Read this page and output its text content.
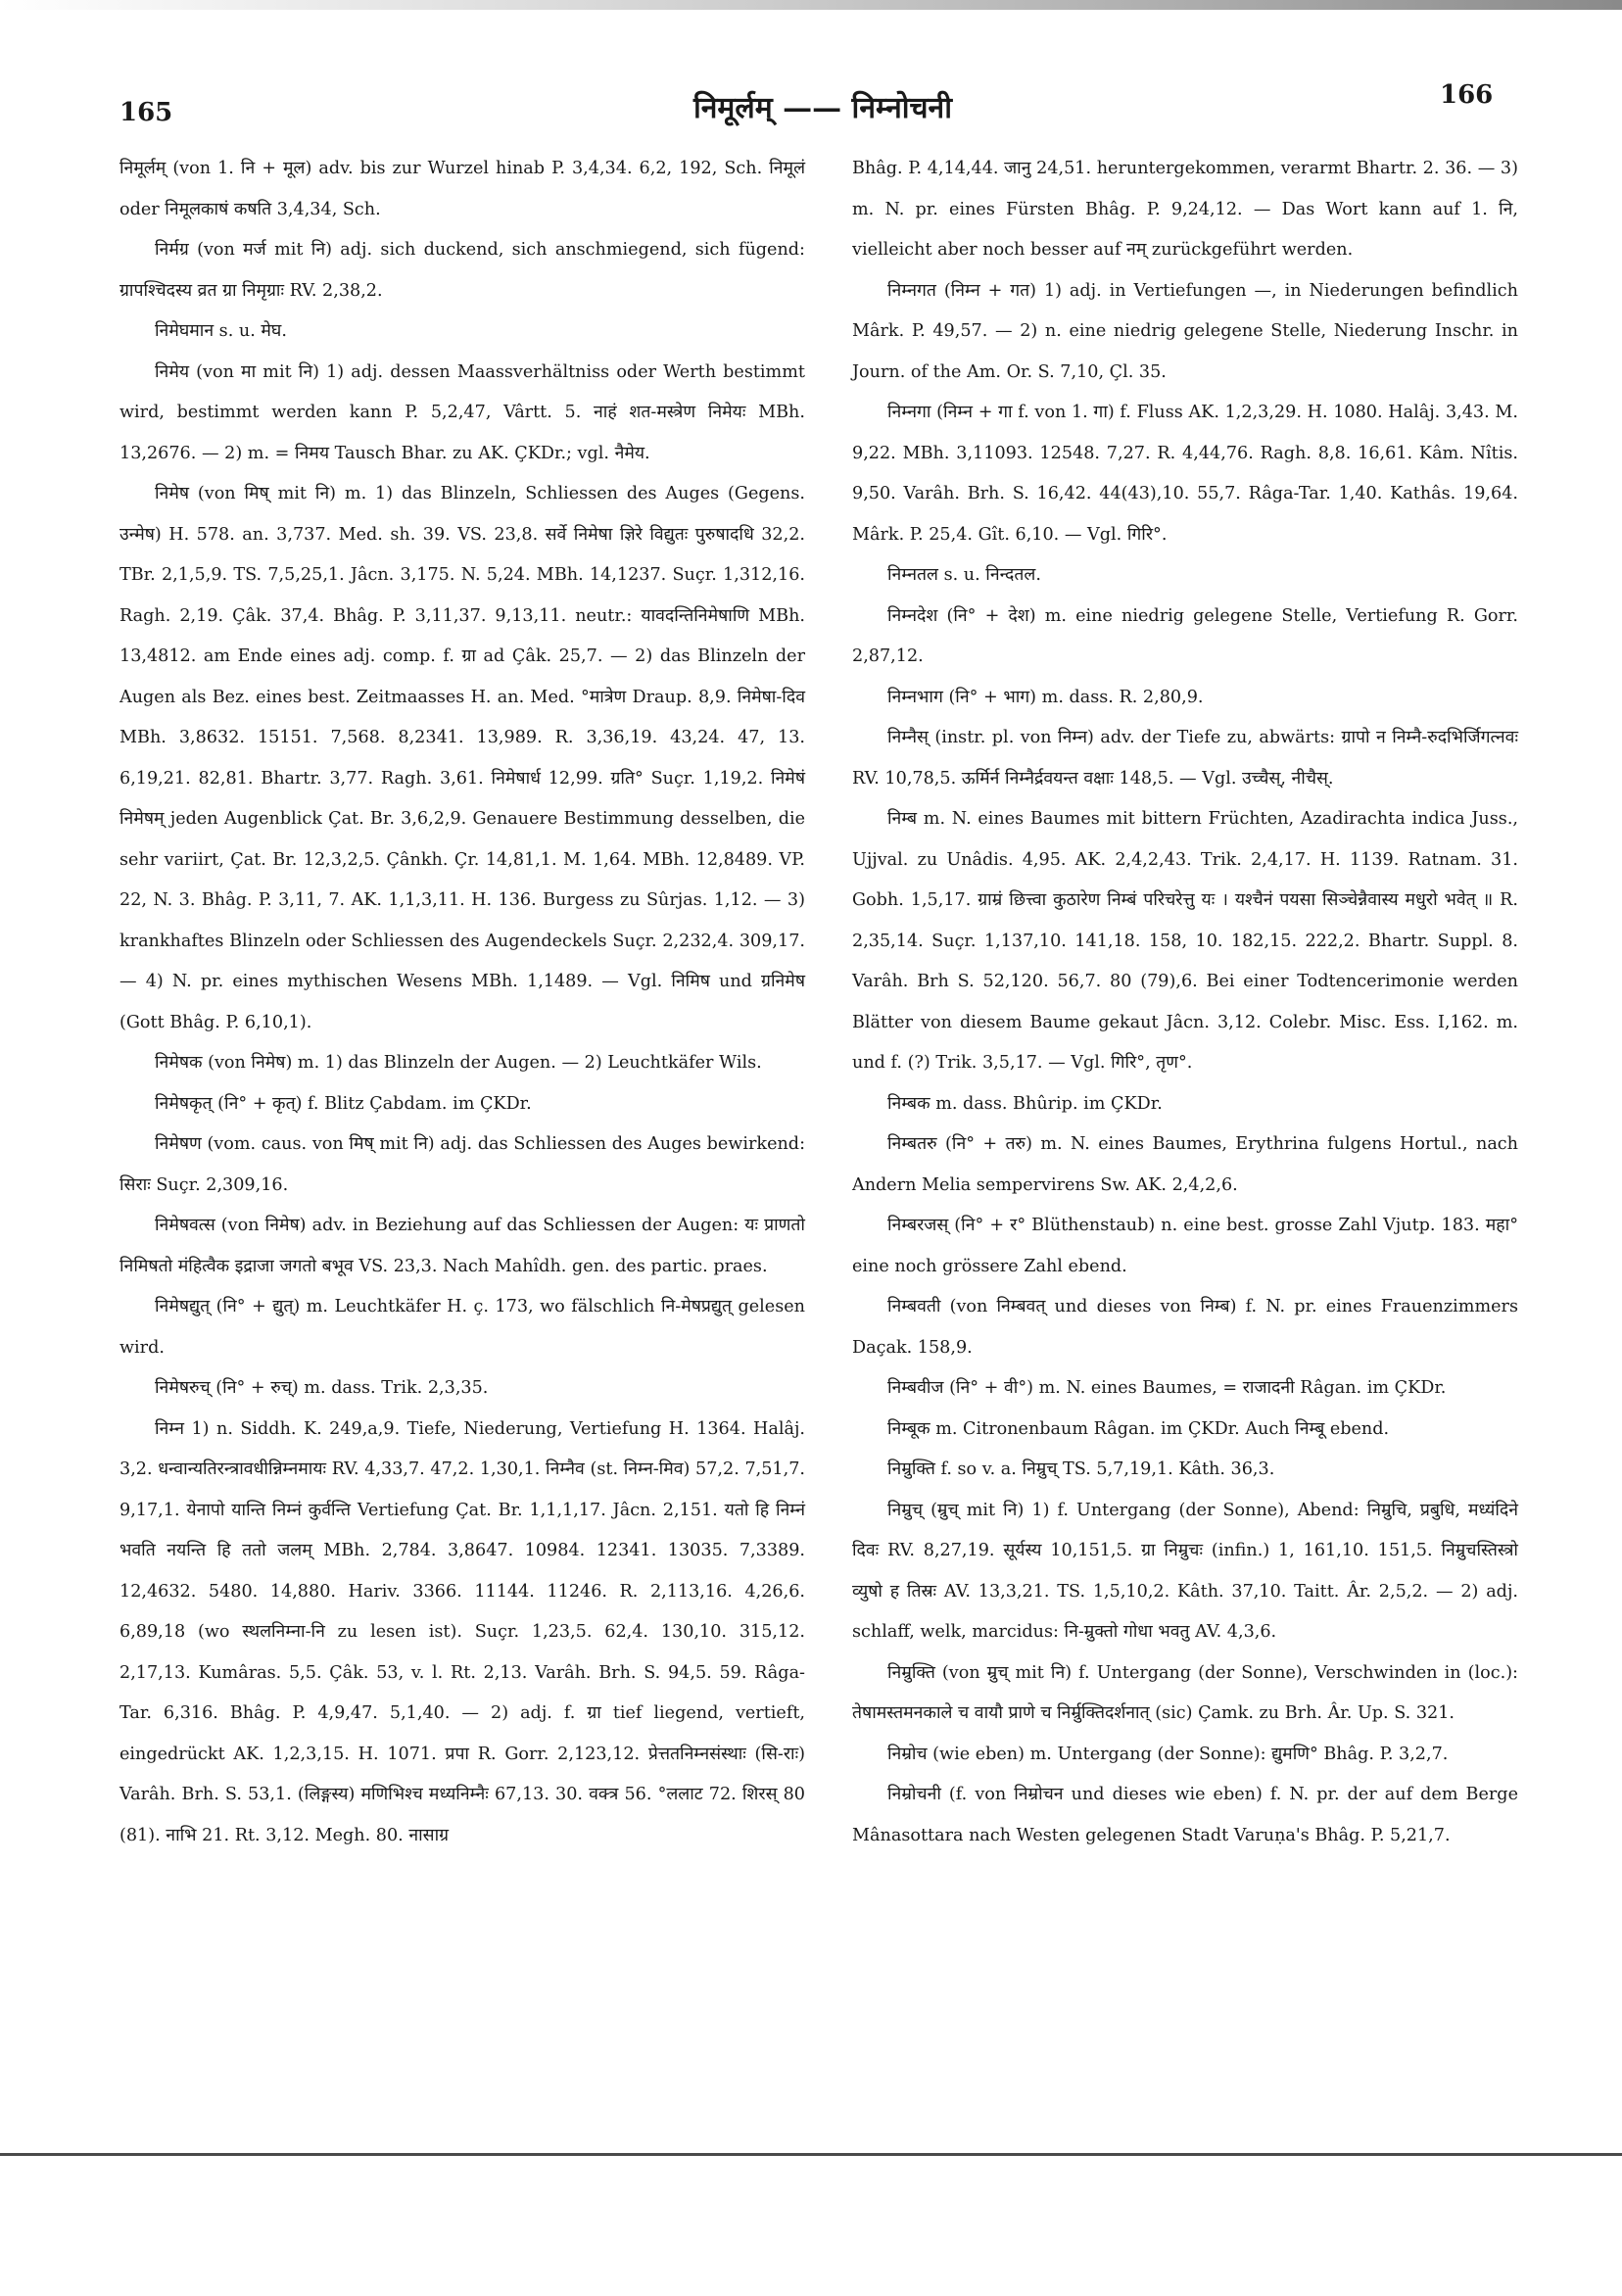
165	निमूर्लम् —— निम्नोचनी	166

निमूर्लम् (von 1. नि + मूल) adv. bis zur Wurzel hinab P. 3,4,34. 6,2, 192, Sch. निमूलं oder निमूलकाषं कषति 3,4,34, Sch.

निर्मग्र (von मर्ज mit नि) adj. sich duckend, sich anschmiegend, sich fügend: ग्रापश्चिदस्य व्रत ग्रा निमृग्राः RV. 2,38,2.

निमेघमान s. u. मेघ.

निमेय (von मा mit नि) 1) adj. dessen Maassverhältniss oder Werth bestimmt wird, bestimmt werden kann P. 5,2,47, Vârtt. 5. नाहं शत-मस्त्रेण निमेयः MBh. 13,2676. — 2) m. = निमय Tausch Bhar. zu AK. ÇKDr.; vgl. नैमेय.

निमेष (von मिष् mit नि) m. 1) das Blinzeln, Schliessen des Auges (Gegens. उन्मेष) H. 578. an. 3,737. Med. sh. 39. VS. 23,8. सर्वे निमेषा ज्ञिरे विद्युतः पुरुषादधि 32,2. TBr. 2,1,5,9. TS. 7,5,25,1. Jâcn. 3,175. N. 5,24. MBh. 14,1237. Suçr. 1,312,16. Ragh. 2,19. Çâk. 37,4. Bhâg. P. 3,11,37. 9,13,11. neutr.: यावदन्तिनिमेषाणि MBh. 13,4812. am Ende eines adj. comp. f. ग्रा ad Çâk. 25,7. — 2) das Blinzeln der Augen als Bez. eines best. Zeitmaasses H. an. Med. °मात्रेण Draup. 8,9. निमेषा-दिव MBh. 3,8632. 15151. 7,568. 8,2341. 13,989. R. 3,36,19. 43,24. 47, 13. 6,19,21. 82,81. Bhartr. 3,77. Ragh. 3,61. निमेषार्ध 12,99. ग्रति° Suçr. 1,19,2. निमेषं निमेषम् jeden Augenblick Çat. Br. 3,6,2,9. Genauere Bestimmung desselben, die sehr variirt, Çat. Br. 12,3,2,5. Çânkh. Çr. 14,81,1. M. 1,64. MBh. 12,8489. VP. 22, N. 3. Bhâg. P. 3,11, 7. AK. 1,1,3,11. H. 136. Burgess zu Sûrjas. 1,12. — 3) krankhaftes Blinzeln oder Schliessen des Augendeckels Suçr. 2,232,4. 309,17. — 4) N. pr. eines mythischen Wesens MBh. 1,1489. — Vgl. निमिष und ग्रनिमेष (Gott Bhâg. P. 6,10,1).

निमेषक (von निमेष) m. 1) das Blinzeln der Augen. — 2) Leuchtkäfer Wils.

निमेषकृत् (नि° + कृत्) f. Blitz Çabdam. im ÇKDr.

निमेषण (vom. caus. von मिष् mit नि) adj. das Schliessen des Auges bewirkend: सिराः Suçr. 2,309,16.

निमेषवत्स (von निमेष) adv. in Beziehung auf das Schliessen der Augen: यः प्राणतो निमिषतो मंहित्वैक इद्राजा जगतो बभूव VS. 23,3. Nach Mahîdh. gen. des partic. praes.

निमेषद्युत् (नि° + द्युत्) m. Leuchtkäfer H. ç. 173, wo fälschlich नि-मेषप्रद्युत् gelesen wird.

निमेषरुच् (नि° + रुच्) m. dass. Trik. 2,3,35.

निम्न 1) n. Siddh. K. 249,a,9. Tiefe, Niederung, Vertiefung H. 1364. Halâj. 3,2. धन्वान्यतिरन्त्रावधीन्निम्नमायः RV. 4,33,7. 47,2. 1,30,1. निम्नैव (st. निम्न-मिव) 57,2. 7,51,7. 9,17,1. येनापो यान्ति निम्नं कुर्वन्ति Vertiefung Çat. Br. 1,1,1,17. Jâcn. 2,151. यतो हि निम्नं भवति नयन्ति हि ततो जलम् MBh. 2,784. 3,8647. 10984. 12341. 13035. 7,3389. 12,4632. 5480. 14,880. Hariv. 3366. 11144. 11246. R. 2,113,16. 4,26,6. 6,89,18 (wo स्थलनिम्ना-नि zu lesen ist). Suçr. 1,23,5. 62,4. 130,10. 315,12. 2,17,13. Kumâras. 5,5. Çâk. 53, v. l. Rt. 2,13. Varâh. Brh. S. 94,5. 59. Râga-Tar. 6,316. Bhâg. P. 4,9,47. 5,1,40. — 2) adj. f. ग्रा tief liegend, vertieft, eingedrückt AK. 1,2,3,15. H. 1071. प्रपा R. Gorr. 2,123,12. प्रेत्ततनिम्नसंस्थाः (सि-राः) Varâh. Brh. S. 53,1. (लिङ्गस्य) मणिभिश्च मध्यनिम्नैः 67,13. 30. वक्त्र 56. °ललाट 72. शिरस् 80 (81). नाभि 21. Rt. 3,12. Megh. 80. नासाग्र

Bhâg. P. 4,14,44. जानु 24,51. heruntergekommen, verarmt Bhartr. 2. 36. — 3) m. N. pr. eines Fürsten Bhâg. P. 9,24,12. — Das Wort kann auf 1. नि, vielleicht aber noch besser auf नम् zurückgeführt werden.

निम्नगत (निम्न + गत) 1) adj. in Vertiefungen —, in Niederungen befindlich Mârk. P. 49,57. — 2) n. eine niedrig gelegene Stelle, Niederung Inschr. in Journ. of the Am. Or. S. 7,10, Çl. 35.

निम्नगा (निम्न + गा f. von 1. गा) f. Fluss AK. 1,2,3,29. H. 1080. Halâj. 3,43. M. 9,22. MBh. 3,11093. 12548. 7,27. R. 4,44,76. Ragh. 8,8. 16,61. Kâm. Nîtis. 9,50. Varâh. Brh. S. 16,42. 44(43),10. 55,7. Râga-Tar. 1,40. Kathâs. 19,64. Mârk. P. 25,4. Gît. 6,10. — Vgl. गिरि°.

निम्नतल s. u. निन्दतल.

निम्नदेश (नि° + देश) m. eine niedrig gelegene Stelle, Vertiefung R. Gorr. 2,87,12.

निम्नभाग (नि° + भाग) m. dass. R. 2,80,9.

निम्नैस् (instr. pl. von निम्न) adv. der Tiefe zu, abwärts: ग्रापो न निम्नै-रुदभिर्जिगत्नवः RV. 10,78,5. ऊर्मिर्न निम्नैर्द्रवयन्त वक्षाः 148,5. — Vgl. उच्चैस्, नीचैस्.

निम्ब m. N. eines Baumes mit bittern Früchten, Azadirachta indica Juss., Ujjval. zu Unâdis. 4,95. AK. 2,4,2,43. Trik. 2,4,17. H. 1139. Ratnam. 31. Gobh. 1,5,17. ग्राम्रं छित्त्वा कुठारेण निम्बं परिचरेत्तु यः । यश्चैनं पयसा सिञ्चेन्नैवास्य मधुरो भवेत् ॥ R. 2,35,14. Suçr. 1,137,10. 141,18. 158, 10. 182,15. 222,2. Bhartr. Suppl. 8. Varâh. Brh S. 52,120. 56,7. 80 (79),6. Bei einer Todtencerimonie werden Blätter von diesem Baume gekaut Jâcn. 3,12. Colebr. Misc. Ess. I,162. m. und f. (?) Trik. 3,5,17. — Vgl. गिरि°, तृण°.

निम्बक m. dass. Bhûrip. im ÇKDr.

निम्बतरु (नि° + तरु) m. N. eines Baumes, Erythrina fulgens Hortul., nach Andern Melia sempervirens Sw. AK. 2,4,2,6.

निम्बरजस् (नि° + र° Blüthenstaub) n. eine best. grosse Zahl Vjutp. 183. महा° eine noch grössere Zahl ebend.

निम्बवती (von निम्बवत् und dieses von निम्ब) f. N. pr. eines Frauenzimmers Daçak. 158,9.

निम्बवीज (नि° + वी°) m. N. eines Baumes, = राजादनी Râgan. im ÇKDr.

निम्बूक m. Citronenbaum Râgan. im ÇKDr. Auch निम्बू ebend.

निम्रुक्ति f. so v. a. निम्रुच् TS. 5,7,19,1. Kâth. 36,3.

निम्रुच् (म्रुच् mit नि) 1) f. Untergang (der Sonne), Abend: निम्रुचि, प्रबुधि, मध्यंदिने दिवः RV. 8,27,19. सूर्यस्य 10,151,5. ग्रा निम्रुचः (infin.) 1, 161,10. 151,5. निम्रुचस्तिस्त्रो व्युषो ह तिस्रः AV. 13,3,21. TS. 1,5,10,2. Kâth. 37,10. Taitt. Âr. 2,5,2. — 2) adj. schlaff, welk, marcidus: नि-म्रुक्तो गोधा भवतु AV. 4,3,6.

निम्रुक्ति (von म्रुच् mit नि) f. Untergang (der Sonne), Verschwinden in (loc.): तेषामस्तमनकाले च वायौ प्राणे च निर्म्रुक्तिदर्शनात् (sic) Çamk. zu Brh. Âr. Up. S. 321.

निम्रोच (wie eben) m. Untergang (der Sonne): द्युमणि° Bhâg. P. 3,2,7.

निम्रोचनी (f. von निम्रोचन und dieses wie eben) f. N. pr. der auf dem Berge Mânasottara nach Westen gelegenen Stadt Varuṇa's Bhâg. P. 5,21,7.
